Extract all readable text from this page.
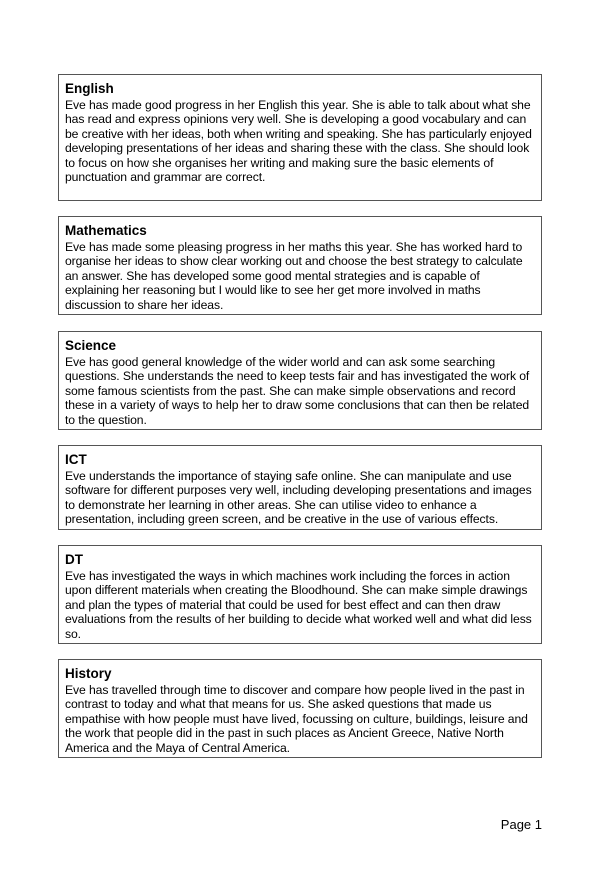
English

Eve has made good progress in her English this year. She is able to talk about what she has read and express opinions very well. She is developing a good vocabulary and can be creative with her ideas, both when writing and speaking. She has particularly enjoyed developing presentations of her ideas and sharing these with the class. She should look to focus on how she organises her writing and making sure the basic elements of punctuation and grammar are correct.

Mathematics

Eve has made some pleasing progress in her maths this year. She has worked hard to organise her ideas to show clear working out and choose the best strategy to calculate an answer. She has developed some good mental strategies and is capable of explaining her reasoning but I would like to see her get more involved in maths discussion to share her ideas.

Science

Eve has good general knowledge of the wider world and can ask some searching questions. She understands the need to keep tests fair and has investigated the work of some famous scientists from the past. She can make simple observations and record these in a variety of ways to help her to draw some conclusions that can then be related to the question.

ICT

Eve understands the importance of staying safe online. She can manipulate and use software for different purposes very well, including developing presentations and images to demonstrate her learning in other areas. She can utilise video to enhance a presentation, including green screen, and be creative in the use of various effects.

DT

Eve has investigated the ways in which machines work including the forces in action upon different materials when creating the Bloodhound. She can make simple drawings and plan the types of material that could be used for best effect and can then draw evaluations from the results of her building to decide what worked well and what did less so.

History

Eve has travelled through time to discover and compare how people lived in the past in contrast to today and what that means for us. She asked questions that made us empathise with how people must have lived, focussing on culture, buildings, leisure and the work that people did in the past in such places as Ancient Greece, Native North America and the Maya of Central America.

Page 1
